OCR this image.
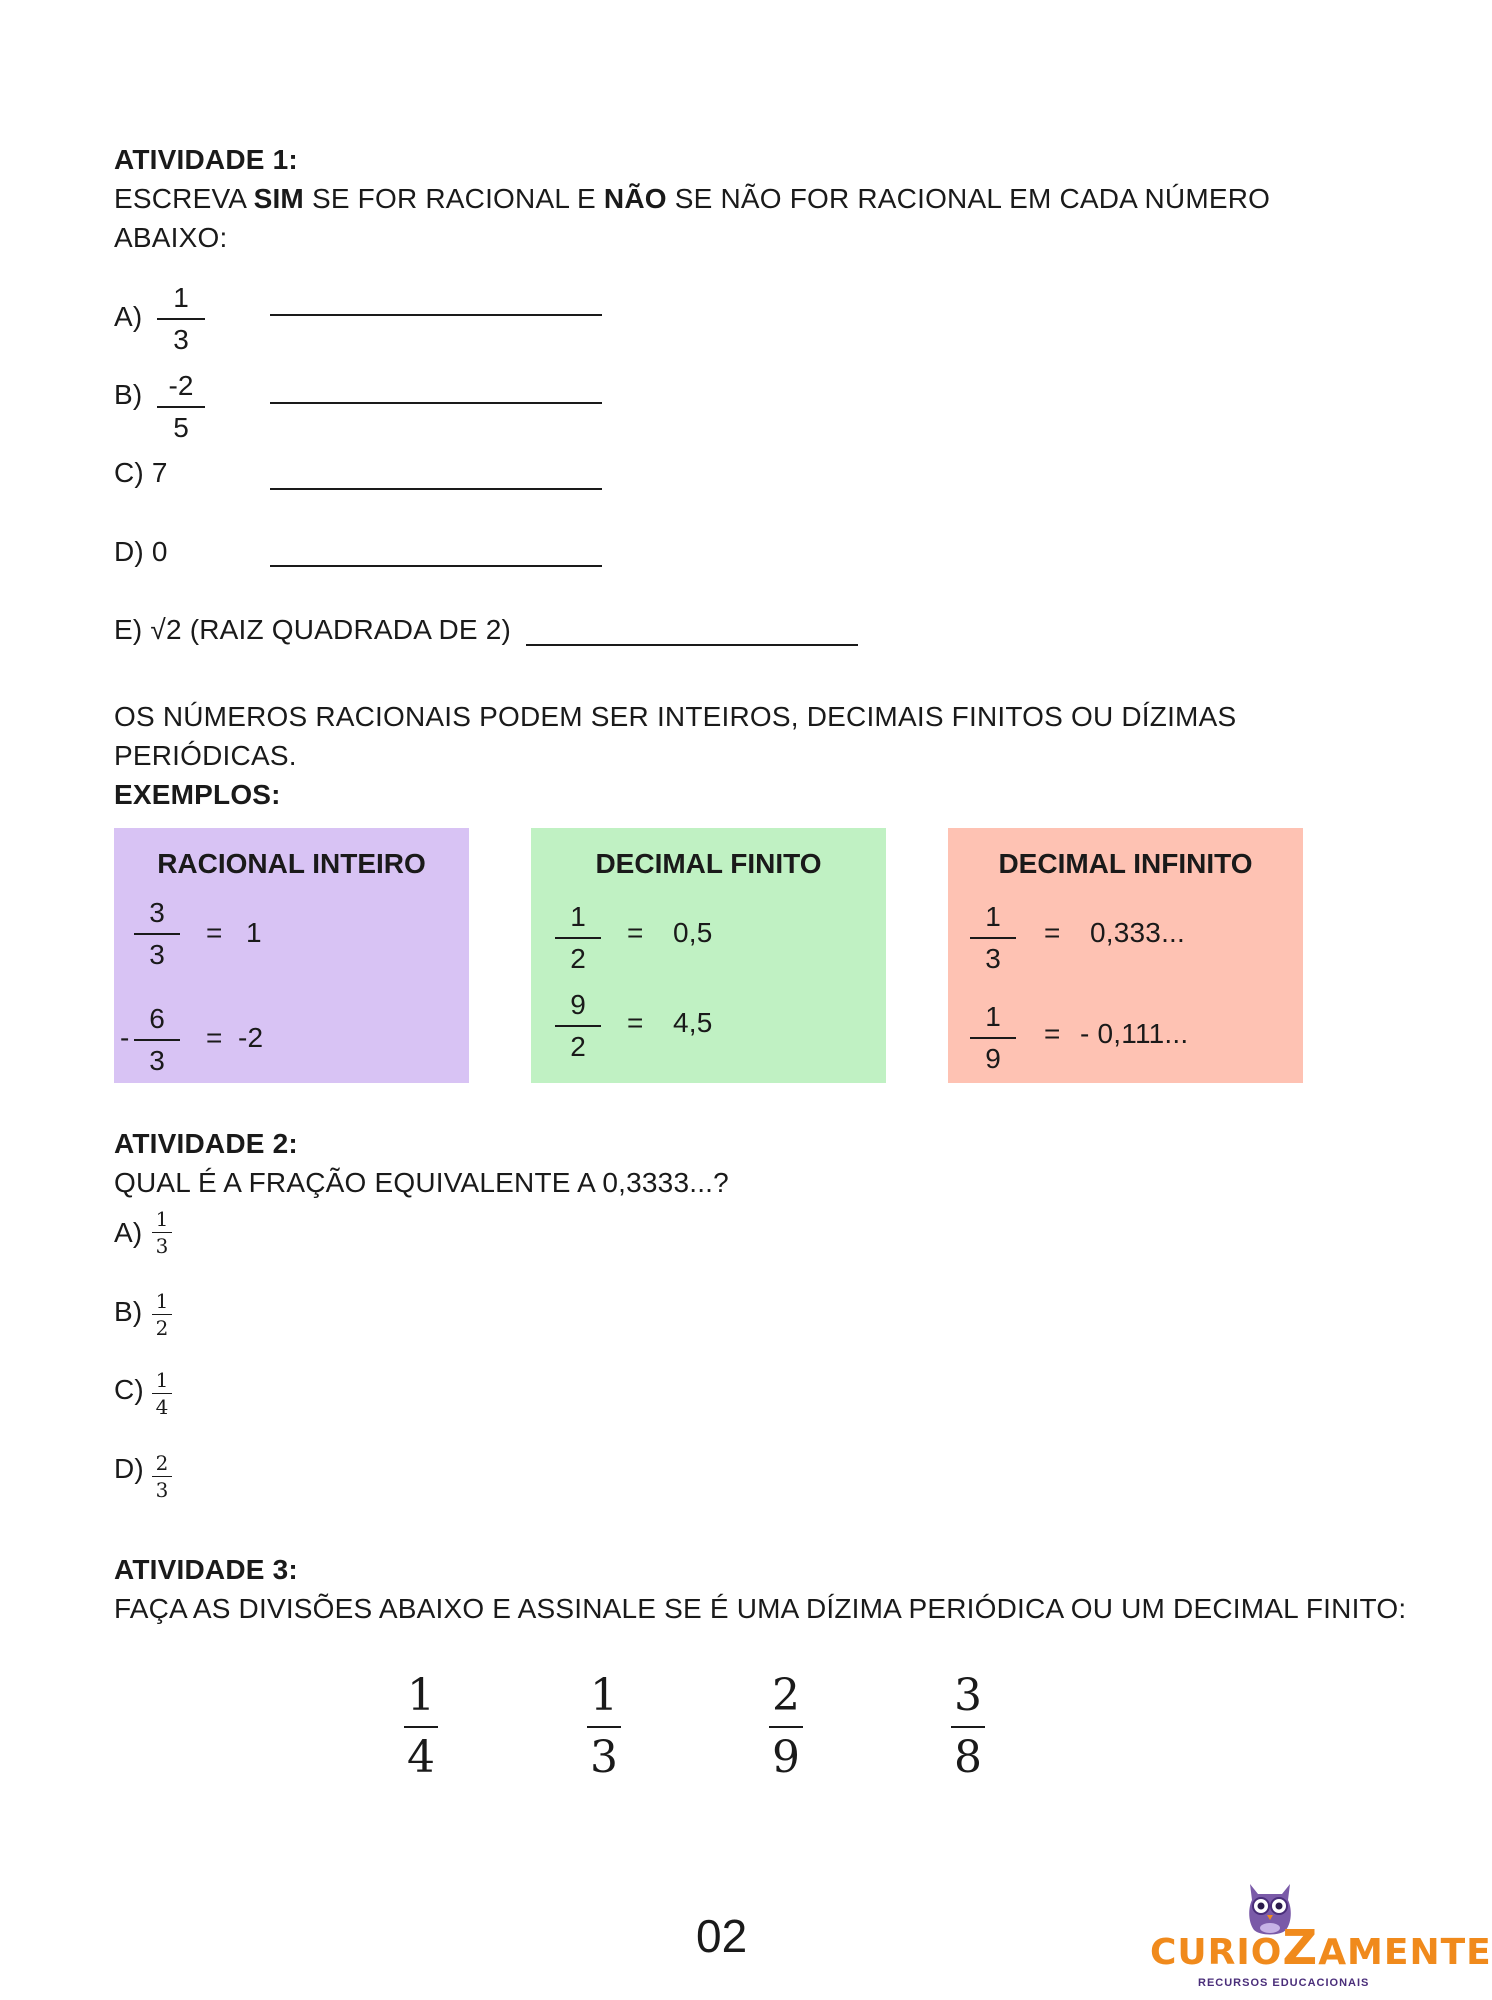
ATIVIDADE 1:
ESCREVA SIM SE FOR RACIONAL E NÃO SE NÃO FOR RACIONAL EM CADA NÚMERO
ABAIXO:
A)
1
3
B) -2
5
C) 7
D) 0
E) √2 (RAIZ QUADRADA DE 2)
OS NÚMEROS RACIONAIS PODEM SER INTEIROS, DECIMAIS FINITOS OU DÍZIMAS
PERIÓDICAS.
EXEMPLOS:
RACIONAL INTEIRO
3
3
= 1
-
6
3
= -2
DECIMAL FINITO
1
2
= 0,5
9
2
= 4,5
DECIMAL INFINITO
1
3
= 0,333...
1
9
= - 0,111...
ATIVIDADE 2:
QUAL É A FRAÇÃO EQUIVALENTE A 0,3333...?
A) 1
3
B) 1
2
C) 1
4
D) 2
3
ATIVIDADE 3:
FAÇA AS DIVISÕES ABAIXO E ASSINALE SE É UMA DÍZIMA PERIÓDICA OU UM DECIMAL FINITO:
1
4
1
3
2
9
3
8
02	CURIOZAMENTE
RECURSOS EDUCACIONAIS
